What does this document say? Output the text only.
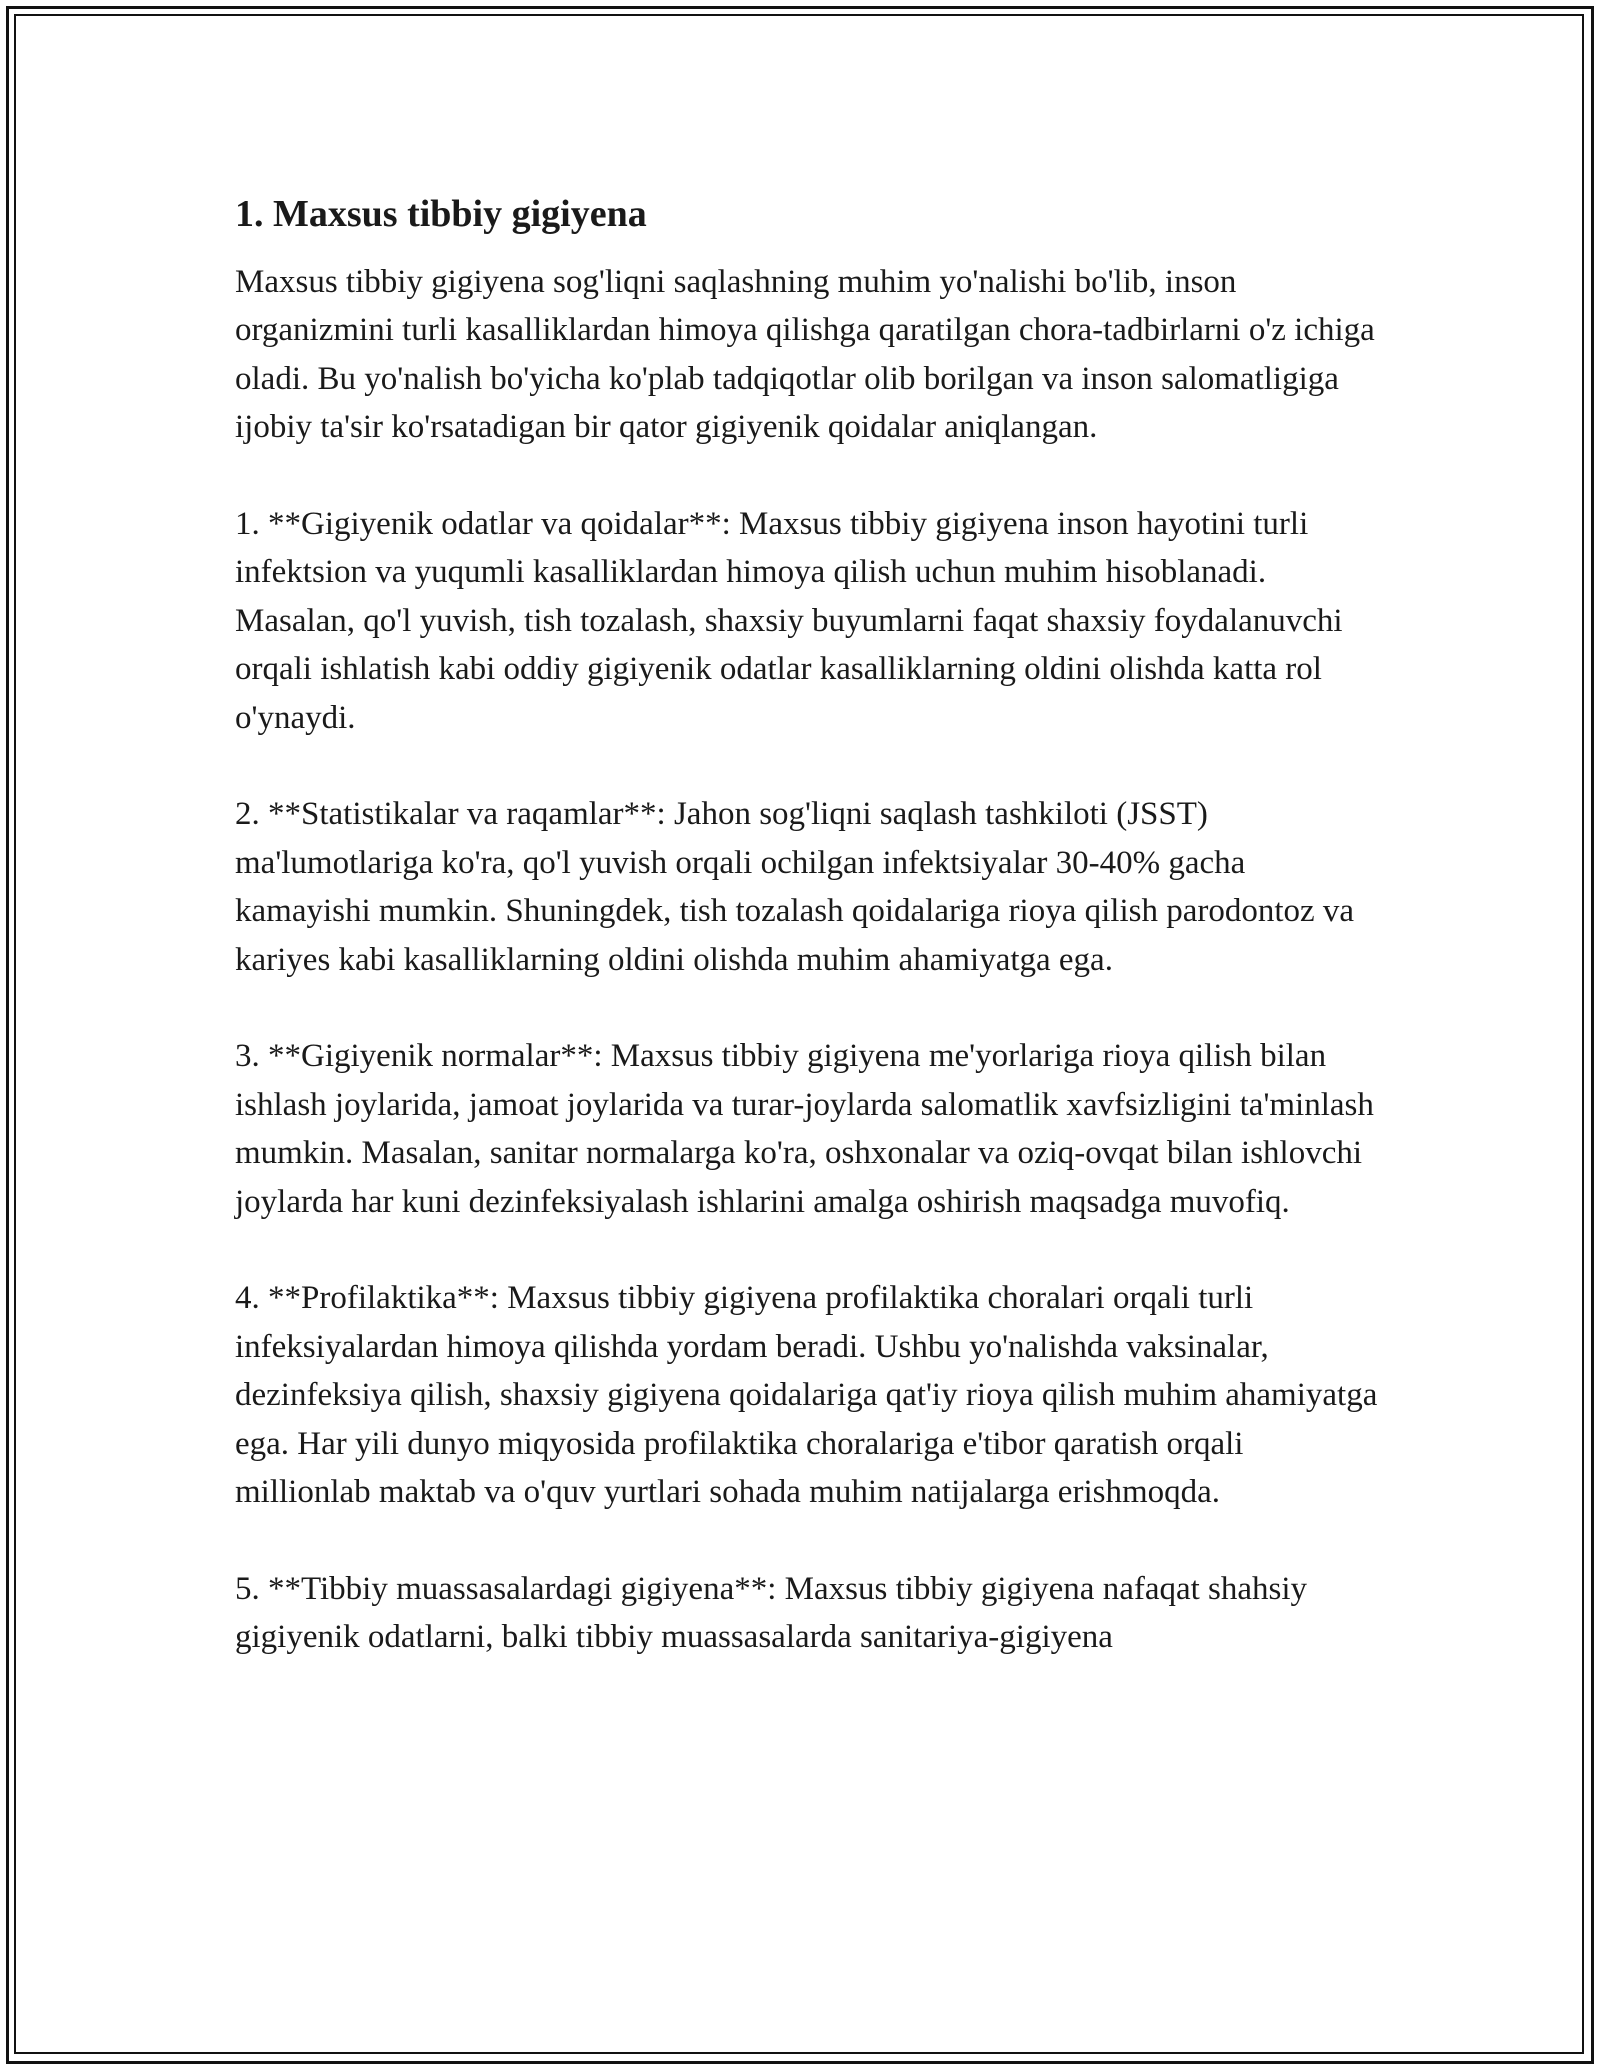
1. Maxsus tibbiy gigiyena

Maxsus tibbiy gigiyena sog'liqni saqlashning muhim yo'nalishi bo'lib, inson organizmini turli kasalliklardan himoya qilishga qaratilgan chora-tadbirlarni o'z ichiga oladi. Bu yo'nalish bo'yicha ko'plab tadqiqotlar olib borilgan va inson salomatligiga ijobiy ta'sir ko'rsatadigan bir qator gigiyenik qoidalar aniqlangan.

1. **Gigiyenik odatlar va qoidalar**: Maxsus tibbiy gigiyena inson hayotini turli infektsion va yuqumli kasalliklardan himoya qilish uchun muhim hisoblanadi. Masalan, qo'l yuvish, tish tozalash, shaxsiy buyumlarni faqat shaxsiy foydalanuvchi orqali ishlatish kabi oddiy gigiyenik odatlar kasalliklarning oldini olishda katta rol o'ynaydi.

2. **Statistikalar va raqamlar**: Jahon sog'liqni saqlash tashkiloti (JSST) ma'lumotlariga ko'ra, qo'l yuvish orqali ochilgan infektsiyalar 30-40% gacha kamayishi mumkin. Shuningdek, tish tozalash qoidalariga rioya qilish parodontoz va kariyes kabi kasalliklarning oldini olishda muhim ahamiyatga ega.

3. **Gigiyenik normalar**: Maxsus tibbiy gigiyena me'yorlariga rioya qilish bilan ishlash joylarida, jamoat joylarida va turar-joylarda salomatlik xavfsizligini ta'minlash mumkin. Masalan, sanitar normalarga ko'ra, oshxonalar va oziq-ovqat bilan ishlovchi joylarda har kuni dezinfeksiyalash ishlarini amalga oshirish maqsadga muvofiq.

4. **Profilaktika**: Maxsus tibbiy gigiyena profilaktika choralari orqali turli infeksiyalardan himoya qilishda yordam beradi. Ushbu yo'nalishda vaksinalar, dezinfeksiya qilish, shaxsiy gigiyena qoidalariga qat'iy rioya qilish muhim ahamiyatga ega. Har yili dunyo miqyosida profilaktika choralariga e'tibor qaratish orqali millionlab maktab va o'quv yurtlari sohada muhim natijalarga erishmoqda.

5. **Tibbiy muassasalardagi gigiyena**: Maxsus tibbiy gigiyena nafaqat shahsiy gigiyenik odatlarni, balki tibbiy muassasalarda sanitariya-gigiyena
